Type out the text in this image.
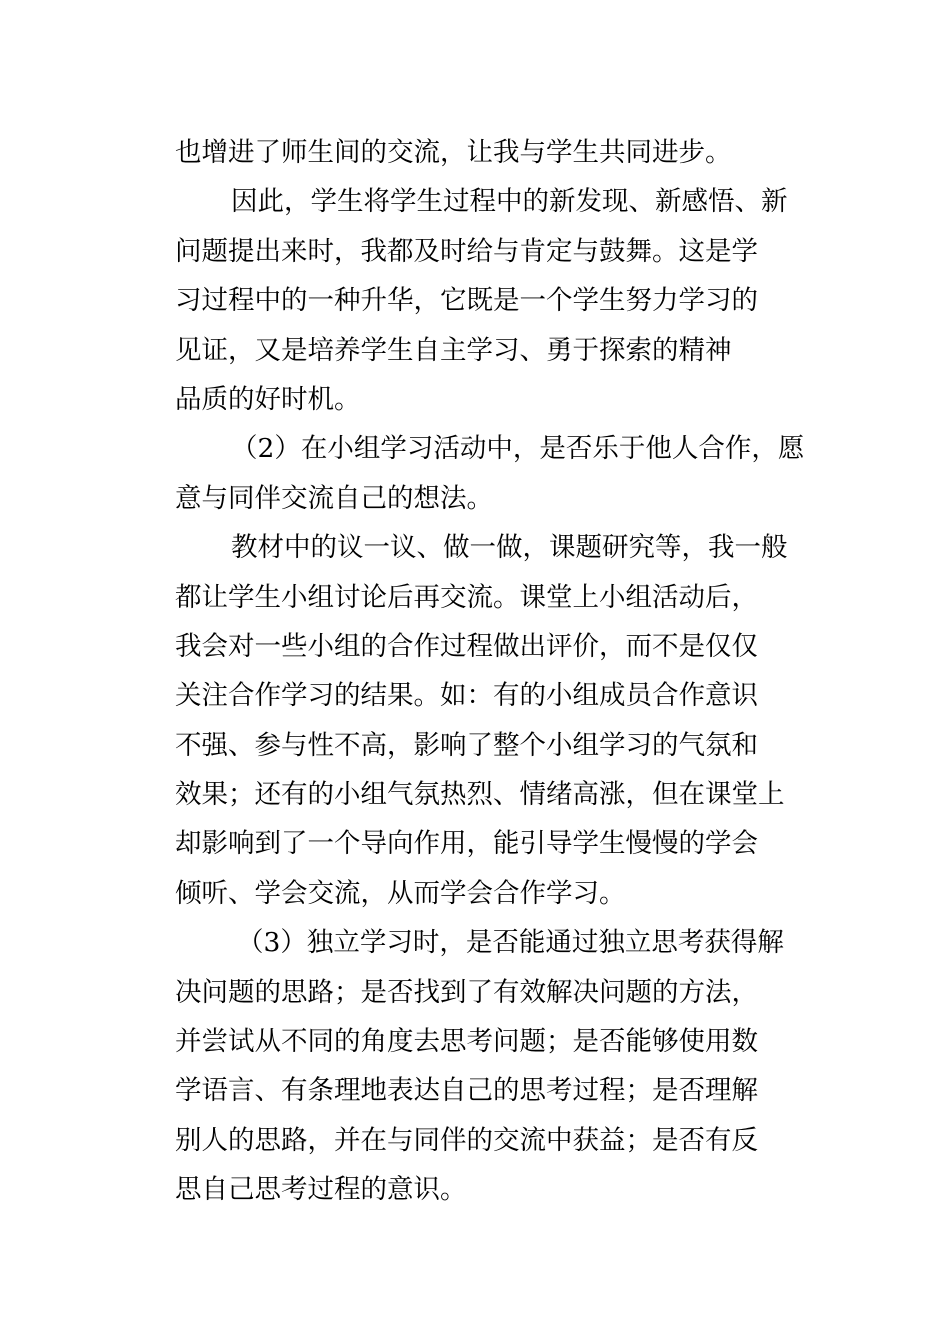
也增进了师生间的交流，让我与学生共同进步。
因此，学生将学生过程中的新发现、新感悟、新
问题提出来时，我都及时给与肯定与鼓舞。这是学
习过程中的一种升华，它既是一个学生努力学习的
见证，又是培养学生自主学习、勇于探索的精神
品质的好时机。
（2）在小组学习活动中，是否乐于他人合作，愿
意与同伴交流自己的想法。
教材中的议一议、做一做，课题研究等，我一般
都让学生小组讨论后再交流。课堂上小组活动后，
我会对一些小组的合作过程做出评价，而不是仅仅
关注合作学习的结果。如：有的小组成员合作意识
不强、参与性不高，影响了整个小组学习的气氛和
效果；还有的小组气氛热烈、情绪高涨，但在课堂上
却影响到了一个导向作用，能引导学生慢慢的学会
倾听、学会交流，从而学会合作学习。
（3）独立学习时，是否能通过独立思考获得解
决问题的思路；是否找到了有效解决问题的方法，
并尝试从不同的角度去思考问题；是否能够使用数
学语言、有条理地表达自己的思考过程；是否理解
别人的思路，并在与同伴的交流中获益；是否有反
思自己思考过程的意识。
